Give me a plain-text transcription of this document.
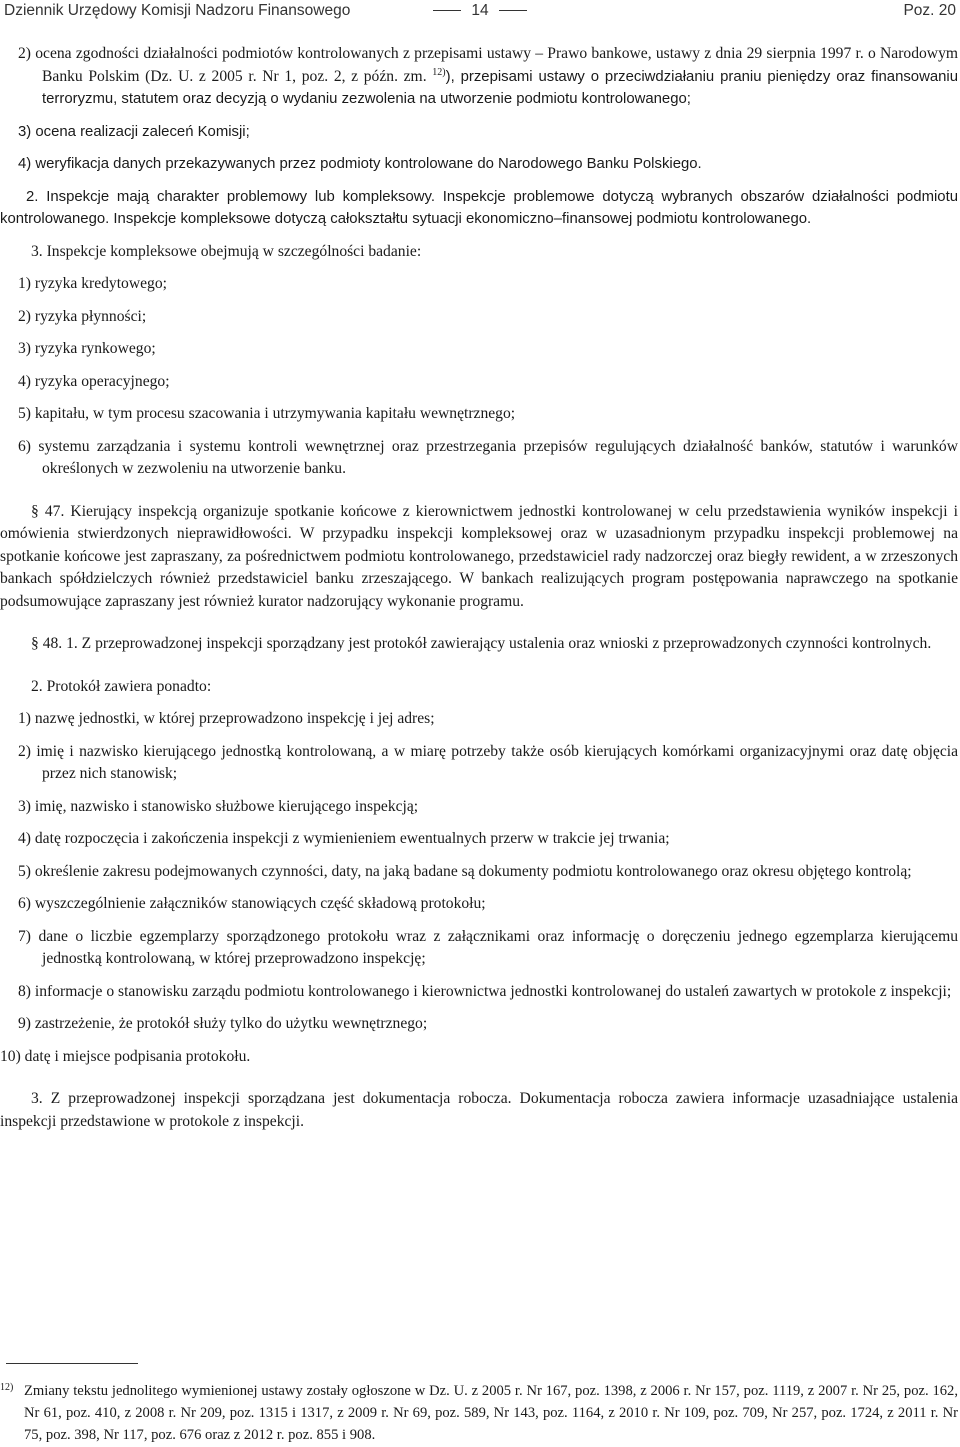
Dziennik Urzędowy Komisji Nadzoru Finansowego	14	Poz. 20

2) ocena zgodności działalności podmiotów kontrolowanych z przepisami ustawy – Prawo bankowe, ustawy z dnia 29 sierpnia 1997 r. o Narodowym Banku Polskim (Dz. U. z 2005 r. Nr 1, poz. 2, z późn. zm. $^{12)}$), przepisami ustawy o przeciwdziałaniu praniu pieniędzy oraz finansowaniu terroryzmu, statutem oraz decyzją o wydaniu zezwolenia na utworzenie podmiotu kontrolowanego;

3) ocena realizacji zaleceń Komisji;

4) weryfikacja danych przekazywanych przez podmioty kontrolowane do Narodowego Banku Polskiego.

2. Inspekcje mają charakter problemowy lub kompleksowy. Inspekcje problemowe dotyczą wybranych obszarów działalności podmiotu kontrolowanego. Inspekcje kompleksowe dotyczą całokształtu sytuacji ekonomiczno–finansowej podmiotu kontrolowanego.

3. Inspekcje kompleksowe obejmują w szczególności badanie:

1) ryzyka kredytowego;

2) ryzyka płynności;

3) ryzyka rynkowego;

4) ryzyka operacyjnego;

5) kapitału, w tym procesu szacowania i utrzymywania kapitału wewnętrznego;

6) systemu zarządzania i systemu kontroli wewnętrznej oraz przestrzegania przepisów regulujących działalność banków, statutów i warunków określonych w zezwoleniu na utworzenie banku.

§ 47. Kierujący inspekcją organizuje spotkanie końcowe z kierownictwem jednostki kontrolowanej w celu przedstawienia wyników inspekcji i omówienia stwierdzonych nieprawidłowości. W przypadku inspekcji kompleksowej oraz w uzasadnionym przypadku inspekcji problemowej na spotkanie końcowe jest zapraszany, za pośrednictwem podmiotu kontrolowanego, przedstawiciel rady nadzorczej oraz biegły rewident, a w zrzeszonych bankach spółdzielczych również przedstawiciel banku zrzeszającego. W bankach realizujących program postępowania naprawczego na spotkanie podsumowujące zapraszany jest również kurator nadzorujący wykonanie programu.

§ 48. 1. Z przeprowadzonej inspekcji sporządzany jest protokół zawierający ustalenia oraz wnioski z przeprowadzonych czynności kontrolnych.

2. Protokół zawiera ponadto:

1) nazwę jednostki, w której przeprowadzono inspekcję i jej adres;

2) imię i nazwisko kierującego jednostką kontrolowaną, a w miarę potrzeby także osób kierujących komórkami organizacyjnymi oraz datę objęcia przez nich stanowisk;

3) imię, nazwisko i stanowisko służbowe kierującego inspekcją;

4) datę rozpoczęcia i zakończenia inspekcji z wymienieniem ewentualnych przerw w trakcie jej trwania;

5) określenie zakresu podejmowanych czynności, daty, na jaką badane są dokumenty podmiotu kontrolowanego oraz okresu objętego kontrolą;

6) wyszczególnienie załączników stanowiących część składową protokołu;

7) dane o liczbie egzemplarzy sporządzonego protokołu wraz z załącznikami oraz informację o doręczeniu jednego egzemplarza kierującemu jednostką kontrolowaną, w której przeprowadzono inspekcję;

8) informacje o stanowisku zarządu podmiotu kontrolowanego i kierownictwa jednostki kontrolowanej do ustaleń zawartych w protokole z inspekcji;

9) zastrzeżenie, że protokół służy tylko do użytku wewnętrznego;

10) datę i miejsce podpisania protokołu.

3. Z przeprowadzonej inspekcji sporządzana jest dokumentacja robocza. Dokumentacja robocza zawiera informacje uzasadniające ustalenia inspekcji przedstawione w protokole z inspekcji.

12) Zmiany tekstu jednolitego wymienionej ustawy zostały ogłoszone w Dz. U. z 2005 r. Nr 167, poz. 1398, z 2006 r. Nr 157, poz. 1119, z 2007 r. Nr 25, poz. 162, Nr 61, poz. 410, z 2008 r. Nr 209, poz. 1315 i 1317, z 2009 r. Nr 69, poz. 589, Nr 143, poz. 1164, z 2010 r. Nr 109, poz. 709, Nr 257, poz. 1724, z 2011 r. Nr 75, poz. 398, Nr 117, poz. 676 oraz z 2012 r. poz. 855 i 908.
